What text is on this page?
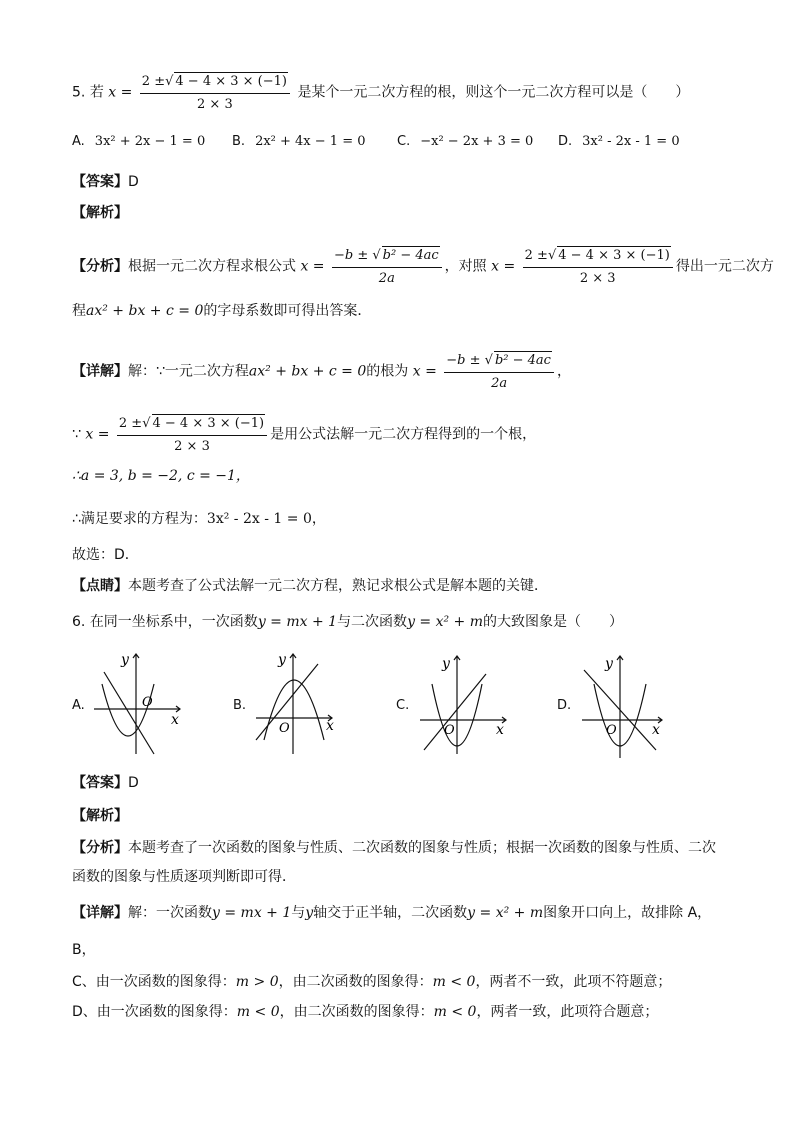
5. 若 $x = \frac{2 \pm√ 4 - 4 \times 3 \times (-1)}{2 \times 3}$ 是某个一元二次方程的根，则这个一元二次方程可以是（　　）
A. 3x² + 2x − 1 = 0 B. 2x² + 4x − 1 = 0 C. −x² − 2x + 3 = 0 D. 3x² - 2x - 1 = 0
【答案】D
【解析】
【分析】根据一元二次方程求根公式 $x = \frac{\text{−b ± √ b² − 4ac}}{2a}$ ，对照 $x = \frac{2 \pm√ 4 - 4 \times 3 \times (-1)}{2 \times 3}$ 得出一元二次方
程ax² + bx + c = 0的字母系数即可得出答案．
【详解】解：∵一元二次方程ax² + bx + c = 0的根为 $x = \frac{\text{−b ± √ b² − 4ac}}{2a}$ ，
∵ $x = \frac{2 \pm√ 4 - 4 \times 3 \times (-1)}{2 \times 3}$ 是用公式法解一元二次方程得到的一个根，
∴a = 3, b = −2, c = −1，
∴满足要求的方程为：3x² - 2x - 1 = 0，
故选：D．
【点睛】本题考查了公式法解一元二次方程，熟记求根公式是解本题的关键．
6. 在同一坐标系中，一次函数y = mx + 1与二次函数y = x² + m的大致图象是（　　）
A.	B.	C.	D.
y
x
O
y
x
O
y
x
O
y
x
O
【答案】D
【解析】
【分析】本题考查了一次函数的图象与性质、二次函数的图象与性质；根据一次函数的图象与性质、二次
函数的图象与性质逐项判断即可得．
【详解】解：一次函数y = mx + 1与y轴交于正半轴，二次函数y = x² + m图象开口向上，故排除 A，
B，
C、由一次函数的图象得：m > 0，由二次函数的图象得：m < 0，两者不一致，此项不符题意；
D、由一次函数的图象得：m < 0，由二次函数的图象得：m < 0，两者一致，此项符合题意；
